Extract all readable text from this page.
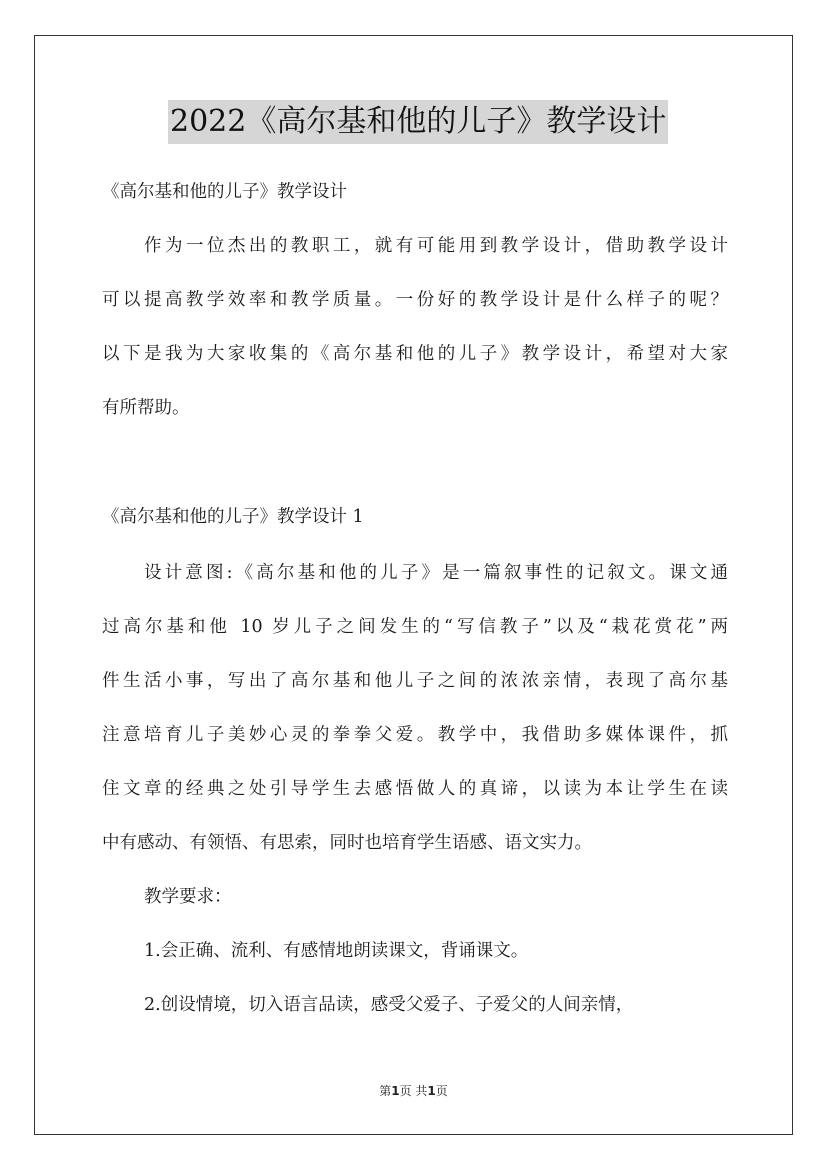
2022《高尔基和他的儿子》教学设计
《高尔基和他的儿子》教学设计
作为一位杰出的教职工，就有可能用到教学设计，借助教学设计
可以提高教学效率和教学质量。一份好的教学设计是什么样子的呢？
以下是我为大家收集的《高尔基和他的儿子》教学设计，希望对大家
有所帮助。
《高尔基和他的儿子》教学设计 1
设计意图:《高尔基和他的儿子》是一篇叙事性的记叙文。课文通
过高尔基和他 10 岁儿子之间发生的“写信教子”以及“栽花赏花”两
件生活小事，写出了高尔基和他儿子之间的浓浓亲情，表现了高尔基
注意培育儿子美妙心灵的拳拳父爱。教学中，我借助多媒体课件，抓
住文章的经典之处引导学生去感悟做人的真谛，以读为本让学生在读
中有感动、有领悟、有思索，同时也培育学生语感、语文实力。
教学要求：
1.会正确、流利、有感情地朗读课文，背诵课文。
2.创设情境，切入语言品读，感受父爱子、子爱父的人间亲情，
第1页 共1页
